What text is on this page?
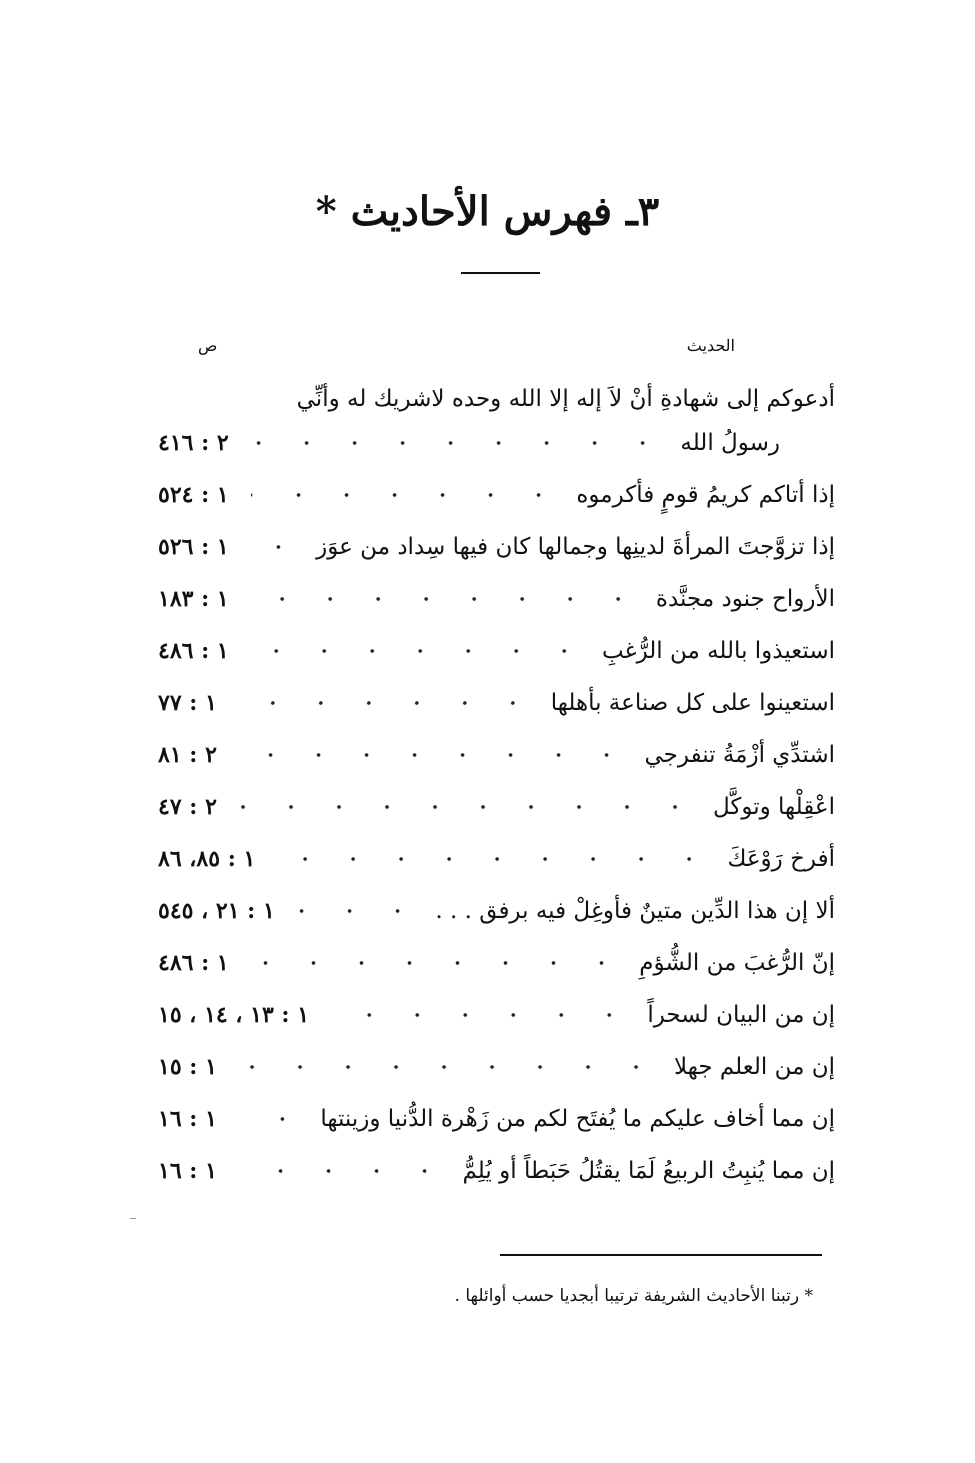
٣ـ فهرس الأحاديث *
الحديث
ص
أدعوكم إلى شهادةِ أنْ لاَ إله إلا الله وحده لاشريك له وأنِّي
رسولُ الله
٢ : ٤١٦
إذا أتاكم كريمُ قومٍ فأكرموه
١ : ٥٢٤
إذا تزوَّجتَ المرأةَ لدينِها وجمالها كان فيها سِداد من عوَز
١ : ٥٢٦
الأرواح جنود مجنَّدة
١ : ١٨٣
استعيذوا بالله من الرُّغبِ
١ : ٤٨٦
استعينوا على كل صناعة بأهلها
١ : ٧٧
اشتدِّي أزْمَةُ تنفرجي
٢ : ٨١
اعْقِلْها وتوكَّل
٢ : ٤٧
أفرخ رَوْعَكَ
١ : ٨٥، ٨٦
ألا إن هذا الدِّين متينٌ فأوغِلْ فيه برفق . . .
١ : ٢١ ، ٥٤٥
إنّ الرُّغبَ من الشُّؤمِ
١ : ٤٨٦
إن من البيان لسحراً
١ : ١٣ ، ١٤ ، ١٥
إن من العلم جهلا
١ : ١٥
إن مما أخاف عليكم ما يُفتَح لكم من زَهْرة الدُّنيا وزينتها
١ : ١٦
إن مما يُنبِتُ الربيعُ لَمَا يقتُلُ حَبَطاً أو يُلِمُّ
١ : ١٦
* رتبنا الأحاديث الشريفة ترتيبا أبجديا حسب أوائلها .
